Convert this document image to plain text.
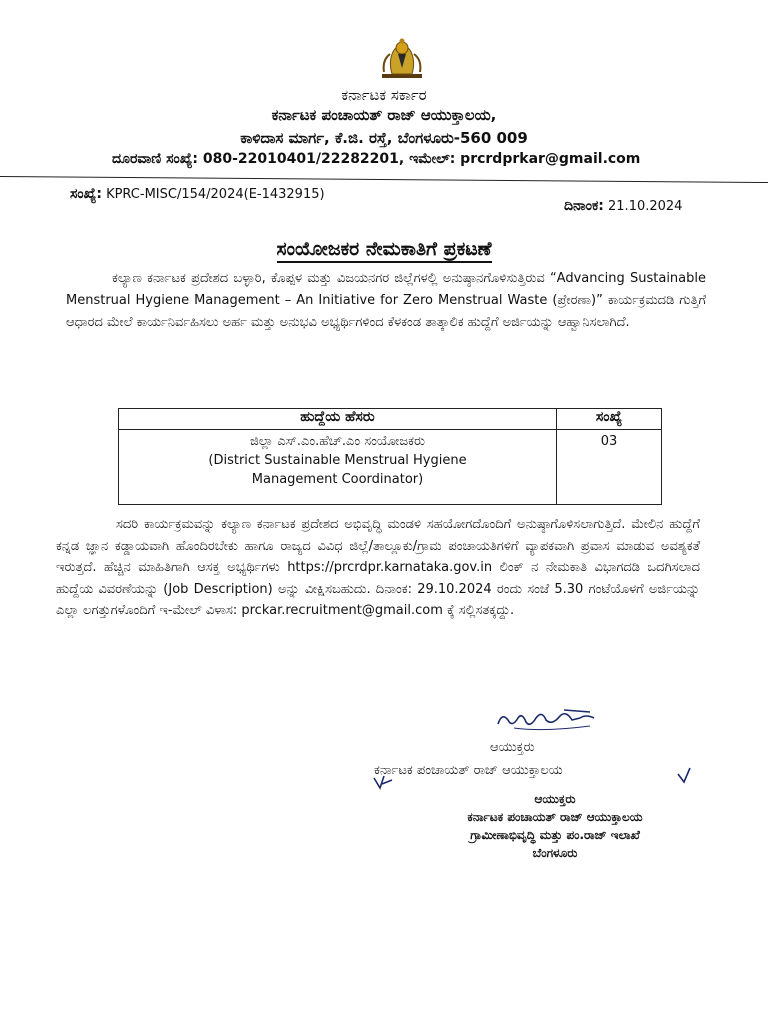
ಕರ್ನಾಟಕ ಸರ್ಕಾರ
ಕರ್ನಾಟಕ ಪಂಚಾಯತ್ ರಾಜ್ ಆಯುಕ್ತಾಲಯ,
ಕಾಳಿದಾಸ ಮಾರ್ಗ, ಕೆ.ಜಿ. ರಸ್ತೆ, ಬೆಂಗಳೂರು-560 009
ದೂರವಾಣಿ ಸಂಖ್ಯೆ: 080-22010401/22282201, ಇಮೇಲ್: prcrdprkar@gmail.com
ಸಂಖ್ಯೆ: KPRC-MISC/154/2024(E-1432915)
ದಿನಾಂಕ: 21.10.2024
ಸಂಯೋಜಕರ ನೇಮಕಾತಿಗೆ ಪ್ರಕಟಣೆ
ಕಲ್ಯಾಣ ಕರ್ನಾಟಕ ಪ್ರದೇಶದ ಬಳ್ಳಾರಿ, ಕೊಪ್ಪಳ ಮತ್ತು ವಿಜಯನಗರ ಜಿಲ್ಲೆಗಳಲ್ಲಿ ಅನುಷ್ಠಾನಗೊಳಿಸುತ್ತಿರುವ “Advancing Sustainable Menstrual Hygiene Management – An Initiative for Zero Menstrual Waste (ಪ್ರೇರಣಾ)” ಕಾರ್ಯಕ್ರಮದಡಿ ಗುತ್ತಿಗೆ ಆಧಾರದ ಮೇಲೆ ಕಾರ್ಯನಿರ್ವಹಿಸಲು ಅರ್ಹ ಮತ್ತು ಅನುಭವಿ ಅಭ್ಯರ್ಥಿಗಳಿಂದ ಕೆಳಕಂಡ ತಾತ್ಕಾಲಿಕ ಹುದ್ದೆಗೆ ಅರ್ಜಿಯನ್ನು ಆಹ್ವಾನಿಸಲಾಗಿದೆ.
ಹುದ್ದೆಯ ಹೆಸರು	ಸಂಖ್ಯೆ

ಜಿಲ್ಲಾ ಎಸ್.ಎಂ.ಹೆಚ್.ಎಂ ಸಂಯೋಜಕರು
(District Sustainable Menstrual Hygiene
Management Coordinator)	03
ಸದರಿ ಕಾರ್ಯಕ್ರಮವನ್ನು ಕಲ್ಯಾಣ ಕರ್ನಾಟಕ ಪ್ರದೇಶದ ಅಭಿವೃದ್ಧಿ ಮಂಡಳಿ ಸಹಯೋಗದೊಂದಿಗೆ ಅನುಷ್ಠಾಗೊಳಿಸಲಾಗುತ್ತಿದೆ. ಮೇಲಿನ ಹುದ್ದೆಗೆ ಕನ್ನಡ ಜ್ಞಾನ ಕಡ್ಡಾಯವಾಗಿ ಹೊಂದಿರಬೇಕು ಹಾಗೂ ರಾಜ್ಯದ ವಿವಿಧ ಜಿಲ್ಲೆ/ತಾಲ್ಲೂಕು/ಗ್ರಾಮ ಪಂಚಾಯತಿಗಳಿಗೆ ವ್ಯಾಪಕವಾಗಿ ಪ್ರವಾಸ ಮಾಡುವ ಅವಶ್ಯಕತೆ ಇರುತ್ತದೆ. ಹೆಚ್ಚಿನ ಮಾಹಿತಿಗಾಗಿ ಆಸಕ್ತ ಅಭ್ಯರ್ಥಿಗಳು https://prcrdpr.karnataka.gov.in ಲಿಂಕ್ ನ ನೇಮಕಾತಿ ವಿಭಾಗದಡಿ ಒದಗಿಸಲಾದ ಹುದ್ದೆಯ ವಿವರಣೆಯನ್ನು (Job Description) ಅನ್ನು ವೀಕ್ಷಿಸಬಹುದು. ದಿನಾಂಕ: 29.10.2024 ರಂದು ಸಂಜೆ 5.30 ಗಂಟೆಯೊಳಗೆ ಅರ್ಜಿಯನ್ನು ಎಲ್ಲಾ ಲಗತ್ತುಗಳೊಂದಿಗೆ ಇ-ಮೇಲ್ ವಿಳಾಸ: prckar.recruitment@gmail.com ಕ್ಕೆ ಸಲ್ಲಿಸತಕ್ಕದ್ದು.
ಆಯುಕ್ತರು
ಕರ್ನಾಟಕ ಪಂಚಾಯತ್ ರಾಜ್ ಆಯುಕ್ತಾಲಯ
ಆಯುಕ್ತರು
ಕರ್ನಾಟಕ ಪಂಚಾಯತ್ ರಾಜ್ ಆಯುಕ್ತಾಲಯ
ಗ್ರಾಮೀಣಾಭಿವೃದ್ಧಿ ಮತ್ತು ಪಂ.ರಾಜ್ ಇಲಾಖೆ
ಬೆಂಗಳೂರು
